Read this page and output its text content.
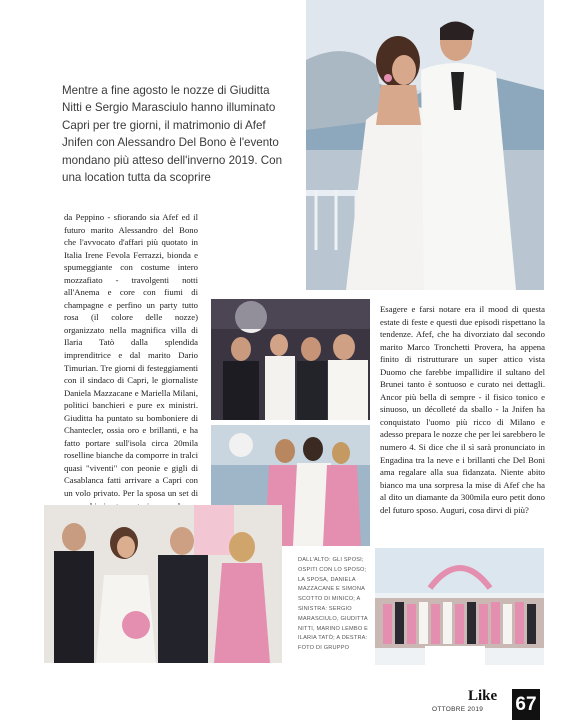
Mentre a fine agosto le nozze di Giuditta Nitti e Sergio Marasciulo hanno illuminato Capri per tre giorni, il matrimonio di Afef Jnifen con Alessandro Del Bono è l'evento mondano più atteso dell'inverno 2019. Con una location tutta da scoprire
da Peppino - sfiorando sia Afef ed il futuro marito Alessandro del Bono che l'avvocato d'affari più quotato in Italia Irene Fevola Ferrazzi, bionda e spumeggiante con costume intero mozzafiato - travolgenti notti all'Anema e core con fiumi di champagne e perfino un party tutto rosa (il colore delle nozze) organizzato nella magnifica villa di Ilaria Tatò dalla splendida imprenditrice e dal marito Dario Timurian. Tre giorni di festeggiamenti con il sindaco di Capri, le giornaliste Daniela Mazzacane e Mariella Milani, politici banchieri e pure ex ministri. Giuditta ha puntato su bomboniere di Chantecler, ossia oro e brillanti, e ha fatto portare sull'isola circa 20mila roselline bianche da comporre in tralci quasi "viventi" con peonie e gigli di Casablanca fatti arrivare a Capri con un volo privato. Per la sposa un set di
Esagere e farsi notare era il mood di questa estate di feste e questi due episodi rispettano la tendenze. Afef, che ha divorziato dal secondo marito Marco Tronchetti Provera, ha appena finito di ristrutturare un super attico vista Duomo che farebbe impallidire il sultano del Brunei tanto è sontuoso e curato nei dettagli. Ancor più bella di sempre - il fisico tonico e sinuoso, un décolleté da sballo - la Jnifen ha conquistato l'uomo più ricco di Milano e adesso prepara le nozze che per lei sarebbero le numero 4. Si dice che il sì sarà pronunciato in Engadina tra la neve e i brillanti che Del Boni ama regalare alla sua fidanzata. Niente abito bianco ma una sorpresa la mise di Afef che ha al dito un diamante da 300mila euro petit dono del futuro sposo. Auguri, cosa dirvi di più?
DALL'ALTO: GLI SPOSI; OSPITI CON LO SPOSO; LA SPOSA, DANIELA MAZZACANE E SIMONA SCOTTO DI MINICO; A SINISTRA: SERGIO MARASCIULO, GIUDITTA NITTI, MARINO LEMBO E ILARIA TATÒ; A DESTRA: FOTO DI GRUPPO
Like
OTTOBRE 2019 67
